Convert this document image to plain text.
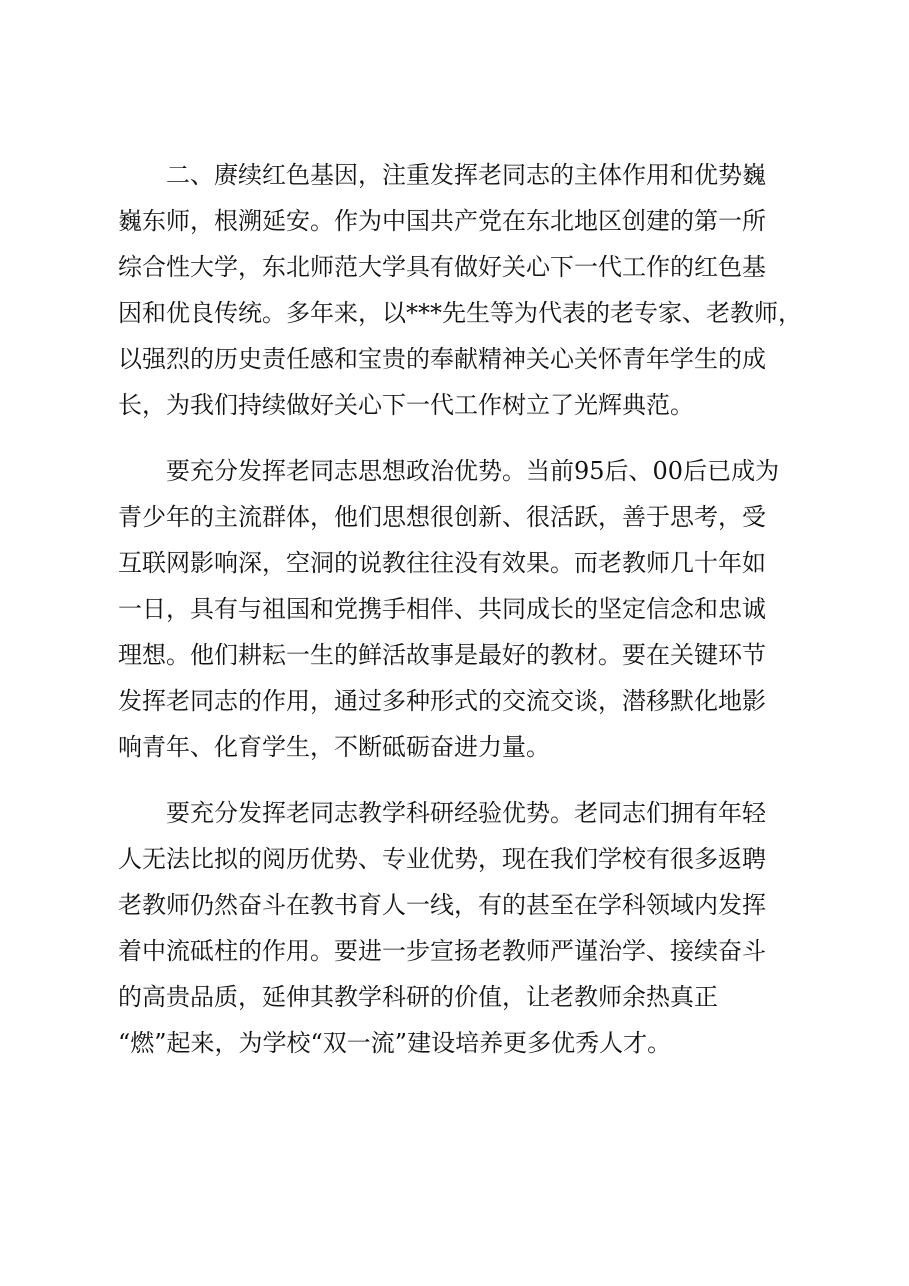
　　二、赓续红色基因，注重发挥老同志的主体作用和优势巍
巍东师，根溯延安。作为中国共产党在东北地区创建的第一所
综合性大学，东北师范大学具有做好关心下一代工作的红色基
因和优良传统。多年来，以***先生等为代表的老专家、老教师，
以强烈的历史责任感和宝贵的奉献精神关心关怀青年学生的成
长，为我们持续做好关心下一代工作树立了光辉典范。
　　要充分发挥老同志思想政治优势。当前95后、00后已成为
青少年的主流群体，他们思想很创新、很活跃，善于思考，受
互联网影响深，空洞的说教往往没有效果。而老教师几十年如
一日，具有与祖国和党携手相伴、共同成长的坚定信念和忠诚
理想。他们耕耘一生的鲜活故事是最好的教材。要在关键环节
发挥老同志的作用，通过多种形式的交流交谈，潜移默化地影
响青年、化育学生，不断砥砺奋进力量。
　　要充分发挥老同志教学科研经验优势。老同志们拥有年轻
人无法比拟的阅历优势、专业优势，现在我们学校有很多返聘
老教师仍然奋斗在教书育人一线，有的甚至在学科领域内发挥
着中流砥柱的作用。要进一步宣扬老教师严谨治学、接续奋斗
的高贵品质，延伸其教学科研的价值，让老教师余热真正
“燃”起来，为学校“双一流”建设培养更多优秀人才。
